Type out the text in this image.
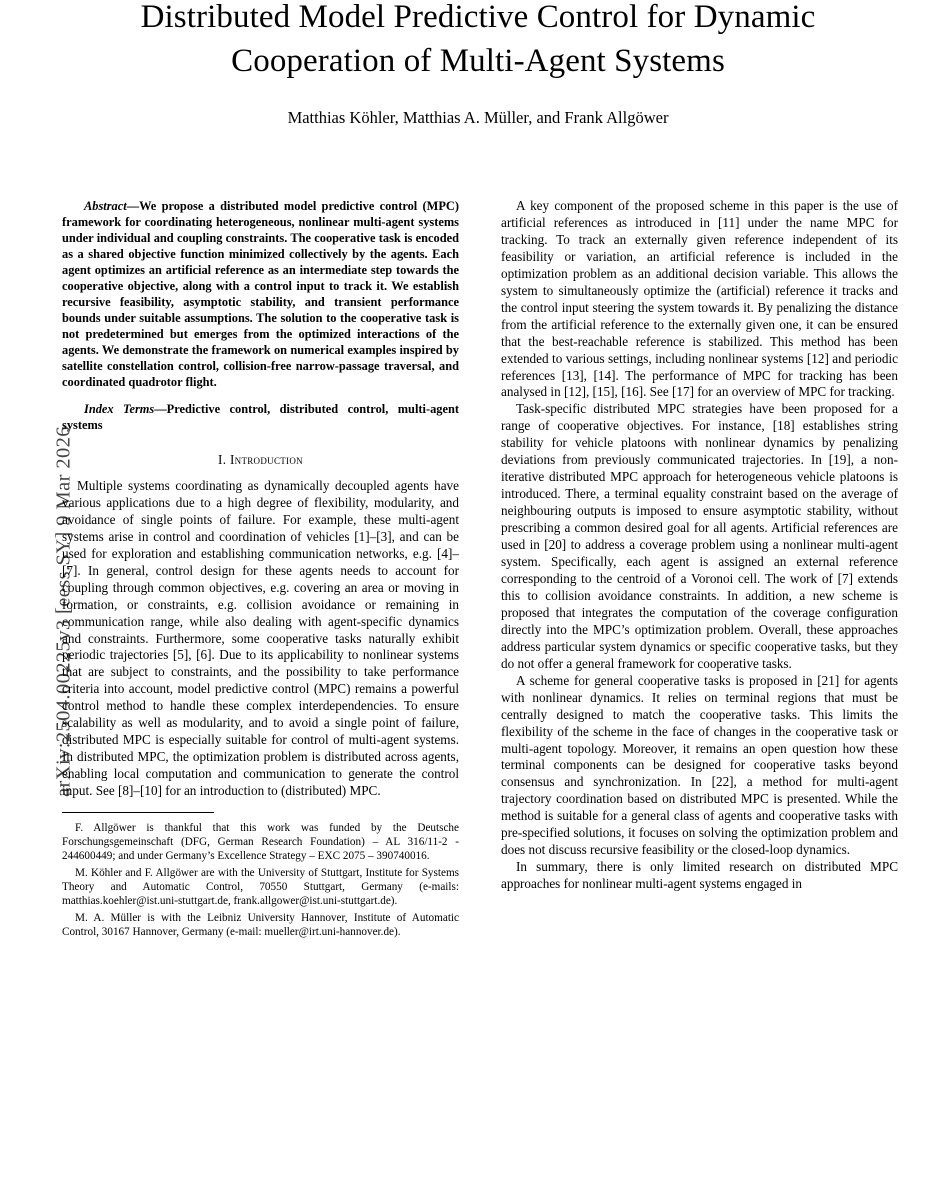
arXiv:2504.00225v3 [eess.SY] 9 Mar 2026
Distributed Model Predictive Control for Dynamic Cooperation of Multi-Agent Systems
Matthias Köhler, Matthias A. Müller, and Frank Allgöwer
Abstract—We propose a distributed model predictive control (MPC) framework for coordinating heterogeneous, nonlinear multi-agent systems under individual and coupling constraints. The cooperative task is encoded as a shared objective function minimized collectively by the agents. Each agent optimizes an artificial reference as an intermediate step towards the cooperative objective, along with a control input to track it. We establish recursive feasibility, asymptotic stability, and transient performance bounds under suitable assumptions. The solution to the cooperative task is not predetermined but emerges from the optimized interactions of the agents. We demonstrate the framework on numerical examples inspired by satellite constellation control, collision-free narrow-passage traversal, and coordinated quadrotor flight.
Index Terms—Predictive control, distributed control, multi-agent systems
I. Introduction

Multiple systems coordinating as dynamically decoupled agents have various applications due to a high degree of flexibility, modularity, and avoidance of single points of failure. For example, these multi-agent systems arise in control and coordination of vehicles [1]–[3], and can be used for exploration and establishing communication networks, e.g. [4]–[7]. In general, control design for these agents needs to account for coupling through common objectives, e.g. covering an area or moving in formation, or constraints, e.g. collision avoidance or remaining in communication range, while also dealing with agent-specific dynamics and constraints. Furthermore, some cooperative tasks naturally exhibit periodic trajectories [5], [6]. Due to its applicability to nonlinear systems that are subject to constraints, and the possibility to take performance criteria into account, model predictive control (MPC) remains a powerful control method to handle these complex interdependencies. To ensure scalability as well as modularity, and to avoid a single point of failure, distributed MPC is especially suitable for control of multi-agent systems. In distributed MPC, the optimization problem is distributed across agents, enabling local computation and communication to generate the control input. See [8]–[10] for an introduction to (distributed) MPC.

F. Allgöwer is thankful that this work was funded by the Deutsche Forschungsgemeinschaft (DFG, German Research Foundation) – AL 316/11-2 - 244600449; and under Germany’s Excellence Strategy – EXC 2075 – 390740016.

M. Köhler and F. Allgöwer are with the University of Stuttgart, Institute for Systems Theory and Automatic Control, 70550 Stuttgart, Germany (e-mails: matthias.koehler@ist.uni-stuttgart.de, frank.allgower@ist.uni-stuttgart.de).

M. A. Müller is with the Leibniz University Hannover, Institute of Automatic Control, 30167 Hannover, Germany (e-mail: mueller@irt.uni-hannover.de).

A key component of the proposed scheme in this paper is the use of artificial references as introduced in [11] under the name MPC for tracking. To track an externally given reference independent of its feasibility or variation, an artificial reference is included in the optimization problem as an additional decision variable. This allows the system to simultaneously optimize the (artificial) reference it tracks and the control input steering the system towards it. By penalizing the distance from the artificial reference to the externally given one, it can be ensured that the best-reachable reference is stabilized. This method has been extended to various settings, including nonlinear systems [12] and periodic references [13], [14]. The performance of MPC for tracking has been analysed in [12], [15], [16]. See [17] for an overview of MPC for tracking.

Task-specific distributed MPC strategies have been proposed for a range of cooperative objectives. For instance, [18] establishes string stability for vehicle platoons with nonlinear dynamics by penalizing deviations from previously communicated trajectories. In [19], a non-iterative distributed MPC approach for heterogeneous vehicle platoons is introduced. There, a terminal equality constraint based on the average of neighbouring outputs is imposed to ensure asymptotic stability, without prescribing a common desired goal for all agents. Artificial references are used in [20] to address a coverage problem using a nonlinear multi-agent system. Specifically, each agent is assigned an external reference corresponding to the centroid of a Voronoi cell. The work of [7] extends this to collision avoidance constraints. In addition, a new scheme is proposed that integrates the computation of the coverage configuration directly into the MPC’s optimization problem. Overall, these approaches address particular system dynamics or specific cooperative tasks, but they do not offer a general framework for cooperative tasks.

A scheme for general cooperative tasks is proposed in [21] for agents with nonlinear dynamics. It relies on terminal regions that must be centrally designed to match the cooperative tasks. This limits the flexibility of the scheme in the face of changes in the cooperative task or multi-agent topology. Moreover, it remains an open question how these terminal components can be designed for cooperative tasks beyond consensus and synchronization. In [22], a method for multi-agent trajectory coordination based on distributed MPC is presented. While the method is suitable for a general class of agents and cooperative tasks with pre-specified solutions, it focuses on solving the optimization problem and does not discuss recursive feasibility or the closed-loop dynamics.

In summary, there is only limited research on distributed MPC approaches for nonlinear multi-agent systems engaged in
